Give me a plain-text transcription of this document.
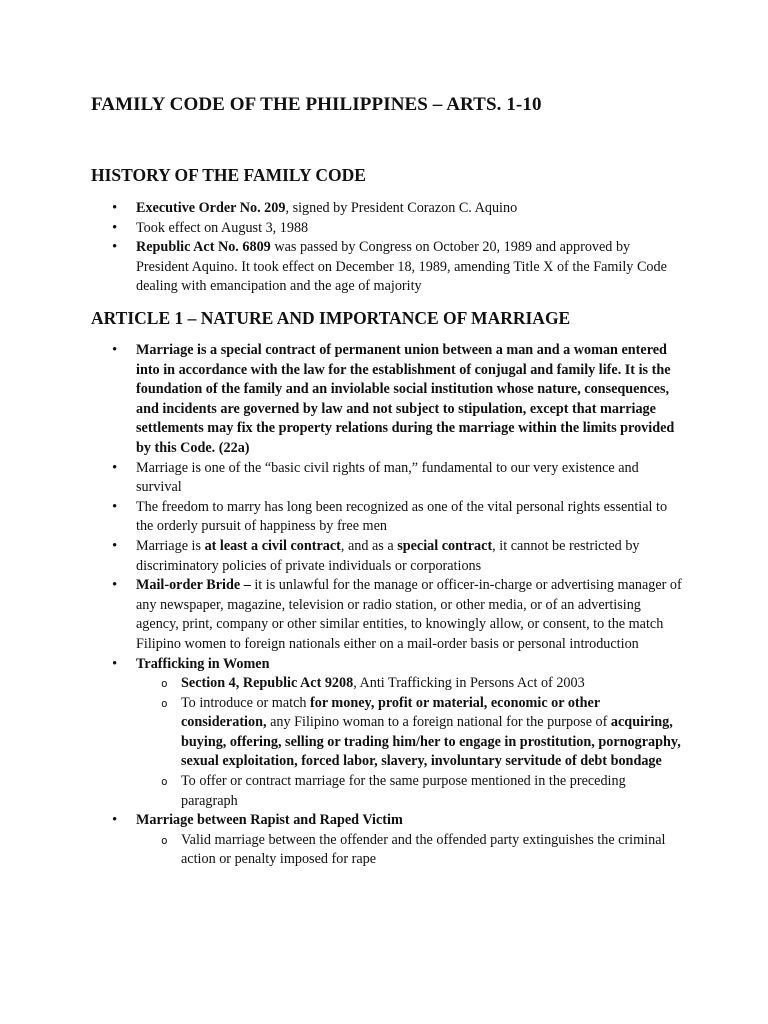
FAMILY CODE OF THE PHILIPPINES – ARTS. 1-10
HISTORY OF THE FAMILY CODE
• Executive Order No. 209, signed by President Corazon C. Aquino
• Took effect on August 3, 1988
• Republic Act No. 6809 was passed by Congress on October 20, 1989 and approved by President Aquino. It took effect on December 18, 1989, amending Title X of the Family Code dealing with emancipation and the age of majority
ARTICLE 1 – NATURE AND IMPORTANCE OF MARRIAGE
• Marriage is a special contract of permanent union between a man and a woman entered into in accordance with the law for the establishment of conjugal and family life. It is the foundation of the family and an inviolable social institution whose nature, consequences, and incidents are governed by law and not subject to stipulation, except that marriage settlements may fix the property relations during the marriage within the limits provided by this Code. (22a)
• Marriage is one of the “basic civil rights of man,” fundamental to our very existence and survival
• The freedom to marry has long been recognized as one of the vital personal rights essential to the orderly pursuit of happiness by free men
• Marriage is at least a civil contract, and as a special contract, it cannot be restricted by discriminatory policies of private individuals or corporations
• Mail-order Bride – it is unlawful for the manage or officer-in-charge or advertising manager of any newspaper, magazine, television or radio station, or other media, or of an advertising agency, print, company or other similar entities, to knowingly allow, or consent, to the match Filipino women to foreign nationals either on a mail-order basis or personal introduction
• Trafficking in Women
o Section 4, Republic Act 9208, Anti Trafficking in Persons Act of 2003
o To introduce or match for money, profit or material, economic or other consideration, any Filipino woman to a foreign national for the purpose of acquiring, buying, offering, selling or trading him/her to engage in prostitution, pornography, sexual exploitation, forced labor, slavery, involuntary servitude of debt bondage
o To offer or contract marriage for the same purpose mentioned in the preceding paragraph
• Marriage between Rapist and Raped Victim
o Valid marriage between the offender and the offended party extinguishes the criminal action or penalty imposed for rape
